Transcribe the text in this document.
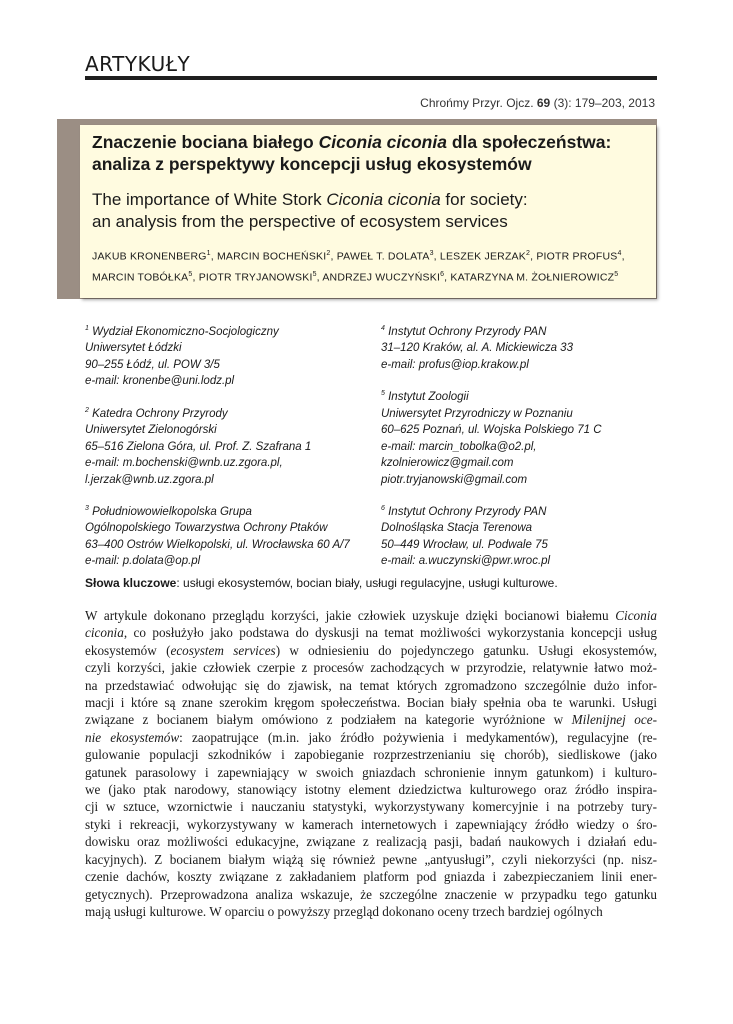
ARTYKUŁY
Chrońmy Przyr. Ojcz. 69 (3): 179–203, 2013

Znaczenie bociana białego Ciconia ciconia dla społeczeństwa:
analiza z perspektywy koncepcji usług ekosystemów

The importance of White Stork Ciconia ciconia for society:
an analysis from the perspective of ecosystem services

JAKUB KRONENBERG$^1$, MARCIN BOCHEŃSKI$^2$, PAWEŁ T. DOLATA$^3$, LESZEK JERZAK$^2$, PIOTR PROFUS$^4$,
MARCIN TOBÓŁKA$^5$, PIOTR TRYJANOWSKI$^5$, ANDRZEJ WUCZYŃSKI$^6$, KATARZYNA M. ŻOŁNIEROWICZ$^5$
$^1$ Wydział Ekonomiczno-Socjologiczny
Uniwersytet Łódzki
90–255 Łódź, ul. POW 3/5
e-mail: kronenbe@uni.lodz.pl
$^2$ Katedra Ochrony Przyrody
Uniwersytet Zielonogórski
65–516 Zielona Góra, ul. Prof. Z. Szafrana 1
e-mail: m.bochenski@wnb.uz.zgora.pl,
l.jerzak@wnb.uz.zgora.pl
$^3$ Południowowielkopolska Grupa
Ogólnopolskiego Towarzystwa Ochrony Ptaków
63–400 Ostrów Wielkopolski, ul. Wrocławska 60 A/7
e-mail: p.dolata@op.pl
$^4$ Instytut Ochrony Przyrody PAN
31–120 Kraków, al. A. Mickiewicza 33
e-mail: profus@iop.krakow.pl
$^5$ Instytut Zoologii
Uniwersytet Przyrodniczy w Poznaniu
60–625 Poznań, ul. Wojska Polskiego 71 C
e-mail: marcin_tobolka@o2.pl,
kzolnierowicz@gmail.com
piotr.tryjanowski@gmail.com
$^6$ Instytut Ochrony Przyrody PAN
Dolnośląska Stacja Terenowa
50–449 Wrocław, ul. Podwale 75
e-mail: a.wuczynski@pwr.wroc.pl
Słowa kluczowe: usługi ekosystemów, bocian biały, usługi regulacyjne, usługi kulturowe.
W artykule dokonano przeglądu korzyści, jakie człowiek uzyskuje dzięki bocianowi białemu Ciconia
ciconia, co posłużyło jako podstawa do dyskusji na temat możliwości wykorzystania koncepcji usług
ekosystemów (ecosystem services) w odniesieniu do pojedynczego gatunku. Usługi ekosystemów,
czyli korzyści, jakie człowiek czerpie z procesów zachodzących w przyrodzie, relatywnie łatwo moż-
na przedstawiać odwołując się do zjawisk, na temat których zgromadzono szczególnie dużo infor-
macji i które są znane szerokim kręgom społeczeństwa. Bocian biały spełnia oba te warunki. Usługi
związane z bocianem białym omówiono z podziałem na kategorie wyróżnione w Milenijnej oce-
nie ekosystemów: zaopatrujące (m.in. jako źródło pożywienia i medykamentów), regulacyjne (re-
gulowanie populacji szkodników i zapobieganie rozprzestrzenianiu się chorób), siedliskowe (jako
gatunek parasolowy i zapewniający w swoich gniazdach schronienie innym gatunkom) i kulturo-
we (jako ptak narodowy, stanowiący istotny element dziedzictwa kulturowego oraz źródło inspira-
cji w sztuce, wzornictwie i nauczaniu statystyki, wykorzystywany komercyjnie i na potrzeby tury-
styki i rekreacji, wykorzystywany w kamerach internetowych i zapewniający źródło wiedzy o śro-
dowisku oraz możliwości edukacyjne, związane z realizacją pasji, badań naukowych i działań edu-
kacyjnych). Z bocianem białym wiążą się również pewne „antyusługi”, czyli niekorzyści (np. nisz-
czenie dachów, koszty związane z zakładaniem platform pod gniazda i zabezpieczaniem linii ener-
getycznych). Przeprowadzona analiza wskazuje, że szczególne znaczenie w przypadku tego gatunku
mają usługi kulturowe. W oparciu o powyższy przegląd dokonano oceny trzech bardziej ogólnych
